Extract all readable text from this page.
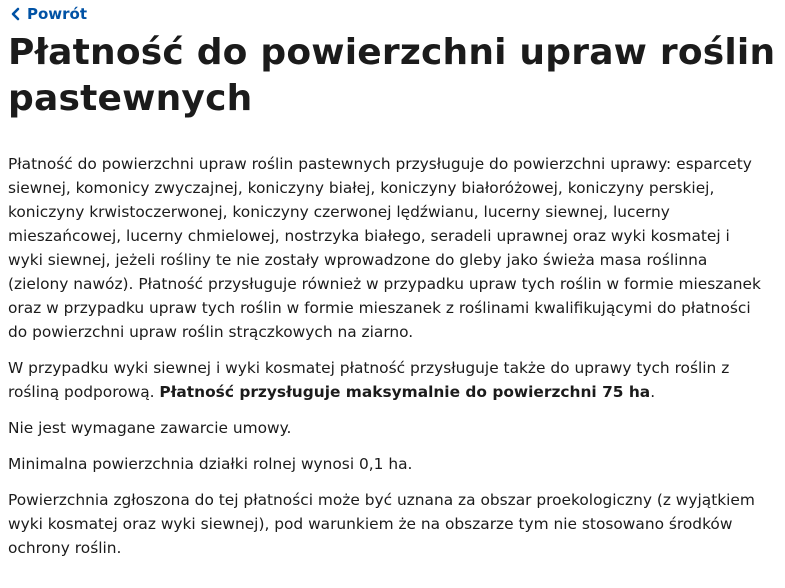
Powrót
Płatność do powierzchni upraw roślin pastewnych

Płatność do powierzchni upraw roślin pastewnych przysługuje do powierzchni uprawy: esparcety siewnej, komonicy zwyczajnej, koniczyny białej, koniczyny białoróżowej, koniczyny perskiej, koniczyny krwistoczerwonej, koniczyny czerwonej lędźwianu, lucerny siewnej, lucerny mieszańcowej, lucerny chmielowej, nostrzyka białego, seradeli uprawnej oraz wyki kosmatej i wyki siewnej, jeżeli rośliny te nie zostały wprowadzone do gleby jako świeża masa roślinna (zielony nawóz). Płatność przysługuje również w przypadku upraw tych roślin w formie mieszanek oraz w przypadku upraw tych roślin w formie mieszanek z roślinami kwalifikującymi do płatności do powierzchni upraw roślin strączkowych na ziarno.

W przypadku wyki siewnej i wyki kosmatej płatność przysługuje także do uprawy tych roślin z rośliną podporową. Płatność przysługuje maksymalnie do powierzchni 75 ha.

Nie jest wymagane zawarcie umowy.

Minimalna powierzchnia działki rolnej wynosi 0,1 ha.

Powierzchnia zgłoszona do tej płatności może być uznana za obszar proekologiczny (z wyjątkiem wyki kosmatej oraz wyki siewnej), pod warunkiem że na obszarze tym nie stosowano środków ochrony roślin.
